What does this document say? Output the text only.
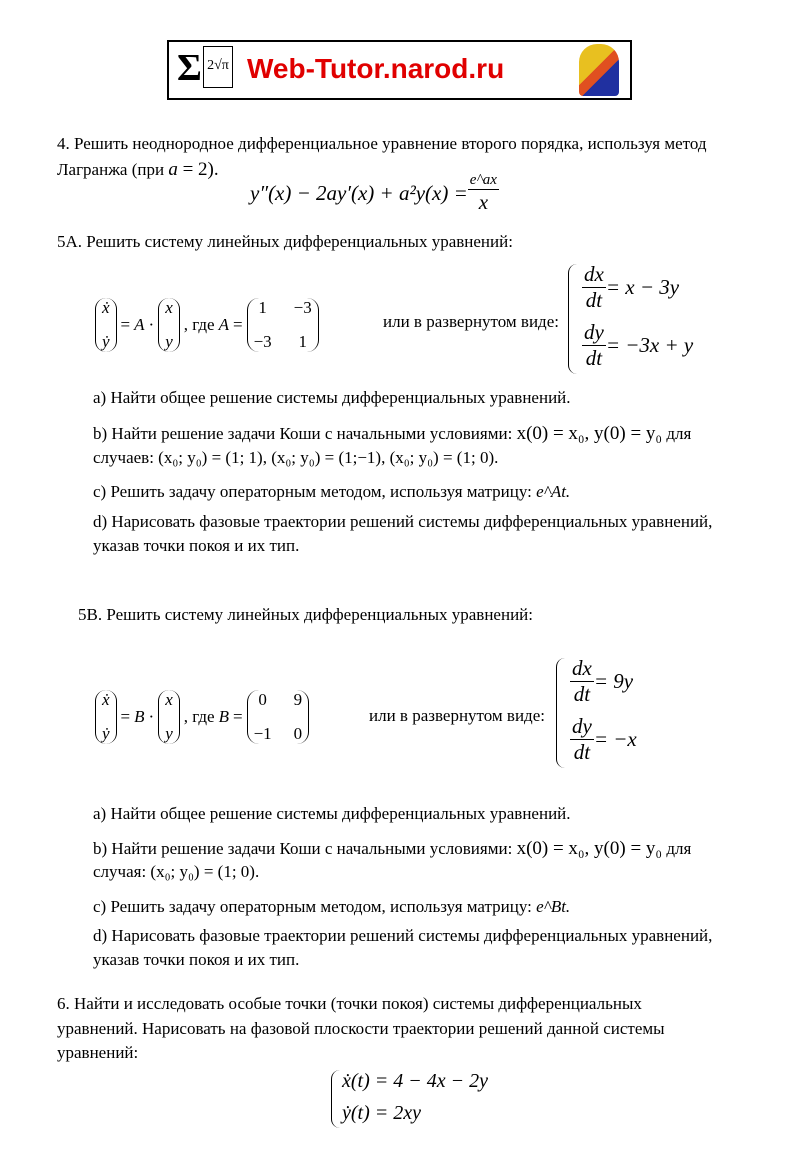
Σ 2√π Web-Tutor.narod.ru
4. Решить неоднородное дифференциальное уравнение второго порядка, используя метод
Лагранжа (при a = 2).
$y''(x) - 2ay'(x) + a^2y(x) = \frac{e\^{}ax}{x}$
5А. Решить систему линейных дифференциальных уравнений:
ẋ
ẏ
= A ·
x
y
, где A =
1 −3
−3 1
или в развернутом виде:
$\frac{dx}{dt} = x - 3y$
$\frac{dy}{dt} = -3x + y$
a) Найти общее решение системы дифференциальных уравнений.
b) Найти решение задачи Коши с начальными условиями: x(0) = x₀, y(0) = y₀ для
случаев: (x₀; y₀) = (1; 1), (x₀; y₀) = (1;−1), (x₀; y₀) = (1; 0).
c) Решить задачу операторным методом, используя матрицу: e^At.
d) Нарисовать фазовые траектории решений системы дифференциальных уравнений,
указав точки покоя и их тип.
5В. Решить систему линейных дифференциальных уравнений:
ẋ
ẏ
= B ·
x
y
, где B =
0 9
−1 0
или в развернутом виде:
$\frac{dx}{dt} = 9y$
$\frac{dy}{dt} = -x$
a) Найти общее решение системы дифференциальных уравнений.
b) Найти решение задачи Коши с начальными условиями: x(0) = x₀, y(0) = y₀ для
случая: (x₀; y₀) = (1; 0).
c) Решить задачу операторным методом, используя матрицу: e^Bt.
d) Нарисовать фазовые траектории решений системы дифференциальных уравнений,
указав точки покоя и их тип.
6. Найти и исследовать особые точки (точки покоя) системы дифференциальных
уравнений. Нарисовать на фазовой плоскости траектории решений данной системы
уравнений:
ẋ(t) = 4 − 4x − 2y
ẏ(t) = 2xy
